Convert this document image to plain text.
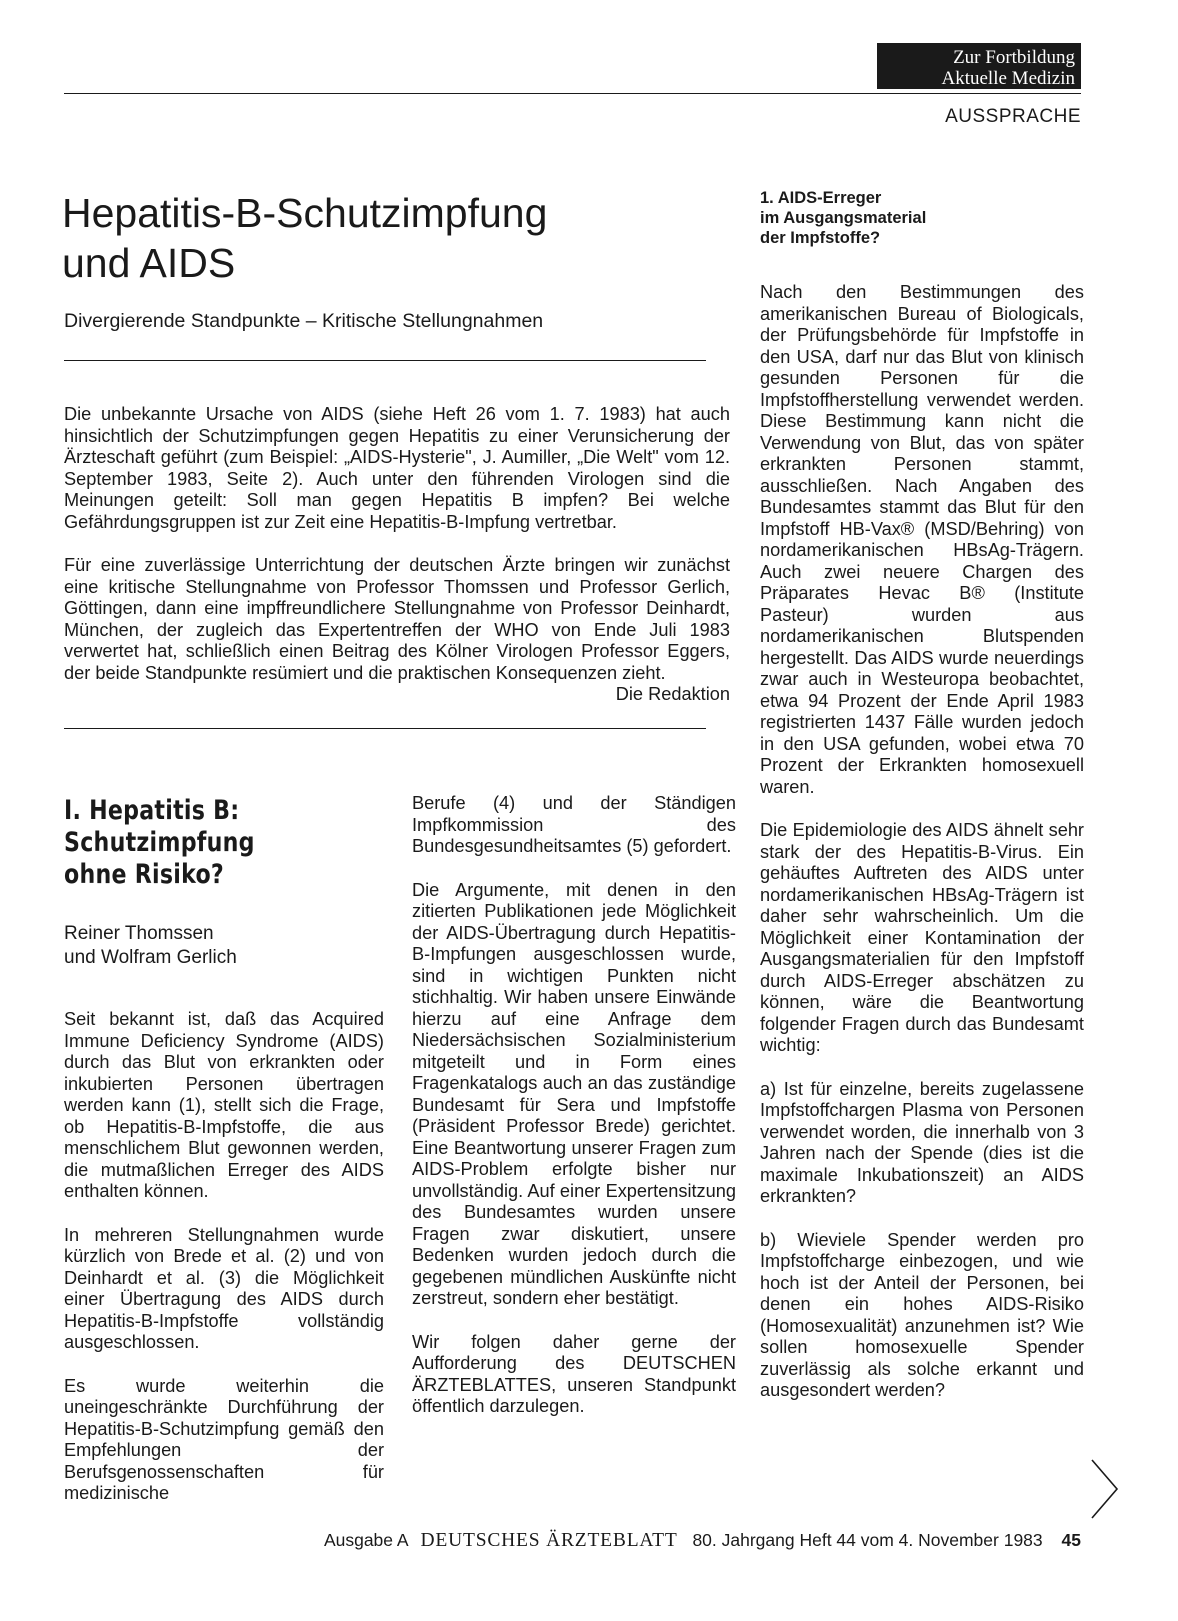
Zur Fortbildung
Aktuelle Medizin
AUSSPRACHE
Hepatitis-B-Schutzimpfung
und AIDS
Divergierende Standpunkte – Kritische Stellungnahmen

Die unbekannte Ursache von AIDS (siehe Heft 26 vom 1. 7. 1983) hat auch hinsichtlich der Schutzimpfungen gegen Hepatitis zu einer Verunsicherung der Ärzteschaft geführt (zum Beispiel: „AIDS-Hysterie", J. Aumiller, „Die Welt" vom 12. September 1983, Seite 2). Auch unter den führenden Virologen sind die Meinungen geteilt: Soll man gegen Hepatitis B impfen? Bei welche Gefährdungsgruppen ist zur Zeit eine Hepatitis-B-Impfung vertretbar.

Für eine zuverlässige Unterrichtung der deutschen Ärzte bringen wir zunächst eine kritische Stellungnahme von Professor Thomssen und Professor Gerlich, Göttingen, dann eine impffreundlichere Stellungnahme von Professor Deinhardt, München, der zugleich das Expertentreffen der WHO von Ende Juli 1983 verwertet hat, schließlich einen Beitrag des Kölner Virologen Professor Eggers, der beide Standpunkte resümiert und die praktischen Konsequenzen zieht.
Die Redaktion

I. Hepatitis B:
Schutzimpfung
ohne Risiko?
Reiner Thomssen
und Wolfram Gerlich

Seit bekannt ist, daß das Acquired Immune Deficiency Syndrome (AIDS) durch das Blut von erkrankten oder inkubierten Personen übertragen werden kann (1), stellt sich die Frage, ob Hepatitis-B-Impfstoffe, die aus menschlichem Blut gewonnen werden, die mutmaßlichen Erreger des AIDS enthalten können.

In mehreren Stellungnahmen wurde kürzlich von Brede et al. (2) und von Deinhardt et al. (3) die Möglichkeit einer Übertragung des AIDS durch Hepatitis-B-Impfstoffe vollständig ausgeschlossen.

Es wurde weiterhin die uneingeschränkte Durchführung der Hepatitis-B-Schutzimpfung gemäß den Empfehlungen der Berufsgenossenschaften für medizinische

Berufe (4) und der Ständigen Impfkommission des Bundesgesundheitsamtes (5) gefordert.

Die Argumente, mit denen in den zitierten Publikationen jede Möglichkeit der AIDS-Übertragung durch Hepatitis-B-Impfungen ausgeschlossen wurde, sind in wichtigen Punkten nicht stichhaltig. Wir haben unsere Einwände hierzu auf eine Anfrage dem Niedersächsischen Sozialministerium mitgeteilt und in Form eines Fragenkatalogs auch an das zuständige Bundesamt für Sera und Impfstoffe (Präsident Professor Brede) gerichtet. Eine Beantwortung unserer Fragen zum AIDS-Problem erfolgte bisher nur unvollständig. Auf einer Expertensitzung des Bundesamtes wurden unsere Fragen zwar diskutiert, unsere Bedenken wurden jedoch durch die gegebenen mündlichen Auskünfte nicht zerstreut, sondern eher bestätigt.

Wir folgen daher gerne der Aufforderung des DEUTSCHEN ÄRZTEBLATTES, unseren Standpunkt öffentlich darzulegen.

1. AIDS-Erreger
im Ausgangsmaterial
der Impfstoffe?

Nach den Bestimmungen des amerikanischen Bureau of Biologicals, der Prüfungsbehörde für Impfstoffe in den USA, darf nur das Blut von klinisch gesunden Personen für die Impfstoffherstellung verwendet werden. Diese Bestimmung kann nicht die Verwendung von Blut, das von später erkrankten Personen stammt, ausschließen. Nach Angaben des Bundesamtes stammt das Blut für den Impfstoff HB-Vax® (MSD/Behring) von nordamerikanischen HBsAg-Trägern. Auch zwei neuere Chargen des Präparates Hevac B® (Institute Pasteur) wurden aus nordamerikanischen Blutspenden hergestellt. Das AIDS wurde neuerdings zwar auch in Westeuropa beobachtet, etwa 94 Prozent der Ende April 1983 registrierten 1437 Fälle wurden jedoch in den USA gefunden, wobei etwa 70 Prozent der Erkrankten homosexuell waren.

Die Epidemiologie des AIDS ähnelt sehr stark der des Hepatitis-B-Virus. Ein gehäuftes Auftreten des AIDS unter nordamerikanischen HBsAg-Trägern ist daher sehr wahrscheinlich. Um die Möglichkeit einer Kontamination der Ausgangsmaterialien für den Impfstoff durch AIDS-Erreger abschätzen zu können, wäre die Beantwortung folgender Fragen durch das Bundesamt wichtig:

a) Ist für einzelne, bereits zugelassene Impfstoffchargen Plasma von Personen verwendet worden, die innerhalb von 3 Jahren nach der Spende (dies ist die maximale Inkubationszeit) an AIDS erkrankten?

b) Wieviele Spender werden pro Impfstoffcharge einbezogen, und wie hoch ist der Anteil der Personen, bei denen ein hohes AIDS-Risiko (Homosexualität) anzunehmen ist? Wie sollen homosexuelle Spender zuverlässig als solche erkannt und ausgesondert werden?

Ausgabe A DEUTSCHES ÄRZTEBLATT 80. Jahrgang Heft 44 vom 4. November 1983 45
